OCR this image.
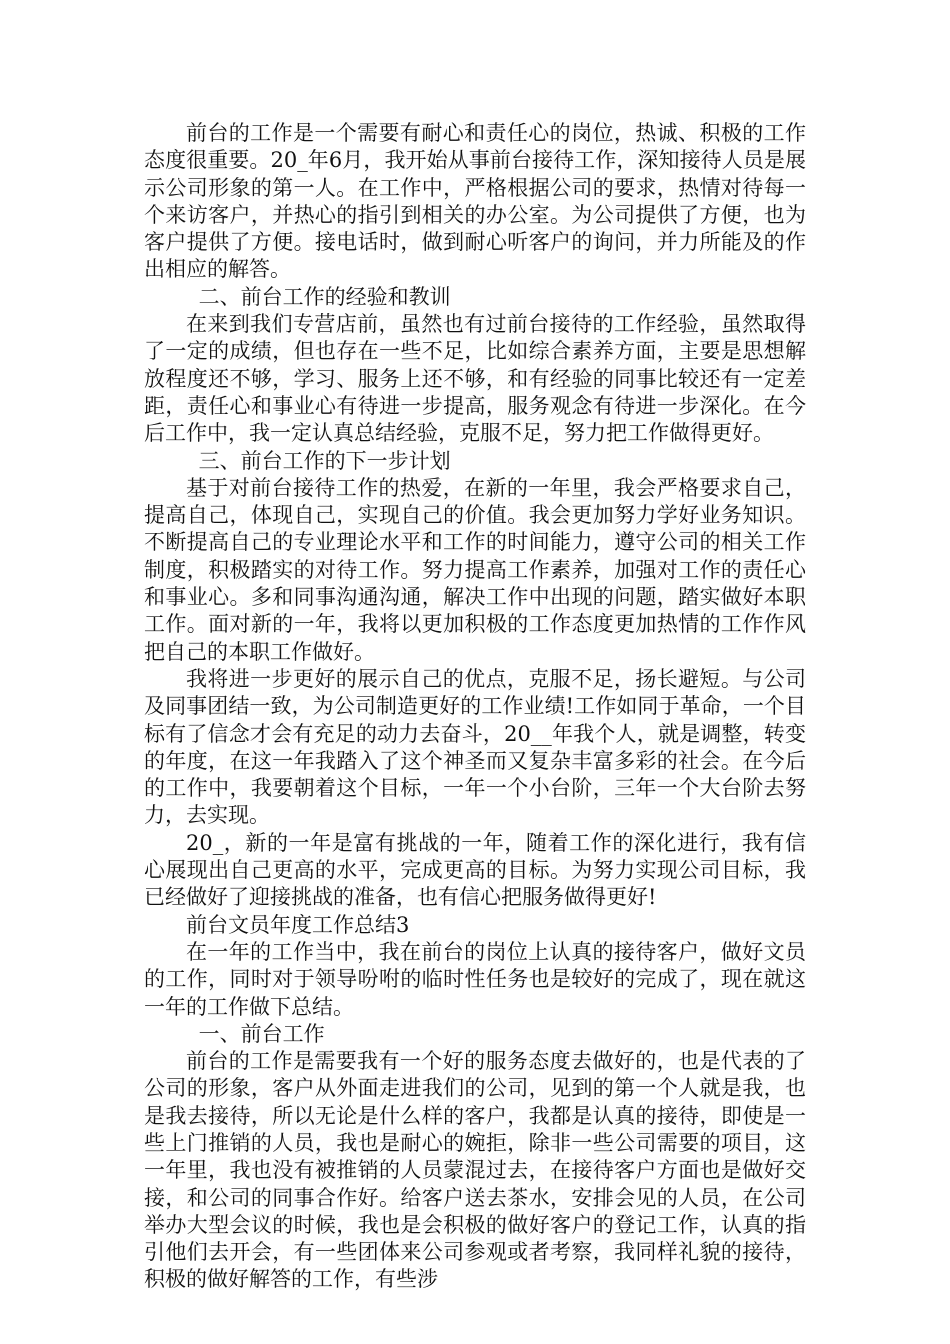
前台的工作是一个需要有耐心和责任心的岗位，热诚、积极的工作态度很重要。20_年6月，我开始从事前台接待工作，深知接待人员是展示公司形象的第一人。在工作中，严格根据公司的要求，热情对待每一个来访客户，并热心的指引到相关的办公室。为公司提供了方便，也为客户提供了方便。接电话时，做到耐心听客户的询问，并力所能及的作出相应的解答。

二、前台工作的经验和教训

在来到我们专营店前，虽然也有过前台接待的工作经验，虽然取得了一定的成绩，但也存在一些不足，比如综合素养方面，主要是思想解放程度还不够，学习、服务上还不够，和有经验的同事比较还有一定差距，责任心和事业心有待进一步提高，服务观念有待进一步深化。在今后工作中，我一定认真总结经验，克服不足，努力把工作做得更好。

三、前台工作的下一步计划

基于对前台接待工作的热爱，在新的一年里，我会严格要求自己，提高自己，体现自己，实现自己的价值。我会更加努力学好业务知识。不断提高自己的专业理论水平和工作的时间能力，遵守公司的相关工作制度，积极踏实的对待工作。努力提高工作素养，加强对工作的责任心和事业心。多和同事沟通沟通，解决工作中出现的问题，踏实做好本职工作。面对新的一年，我将以更加积极的工作态度更加热情的工作作风把自己的本职工作做好。

我将进一步更好的展示自己的优点，克服不足，扬长避短。与公司及同事团结一致，为公司制造更好的工作业绩!工作如同于革命，一个目标有了信念才会有充足的动力去奋斗，20__年我个人，就是调整，转变的年度，在这一年我踏入了这个神圣而又复杂丰富多彩的社会。在今后的工作中，我要朝着这个目标，一年一个小台阶，三年一个大台阶去努力，去实现。

20_，新的一年是富有挑战的一年，随着工作的深化进行，我有信心展现出自己更高的水平，完成更高的目标。为努力实现公司目标，我已经做好了迎接挑战的准备，也有信心把服务做得更好!

前台文员年度工作总结3

在一年的工作当中，我在前台的岗位上认真的接待客户，做好文员的工作，同时对于领导吩咐的临时性任务也是较好的完成了，现在就这一年的工作做下总结。

一、前台工作

前台的工作是需要我有一个好的服务态度去做好的，也是代表的了公司的形象，客户从外面走进我们的公司，见到的第一个人就是我，也是我去接待，所以无论是什么样的客户，我都是认真的接待，即使是一些上门推销的人员，我也是耐心的婉拒，除非一些公司需要的项目，这一年里，我也没有被推销的人员蒙混过去，在接待客户方面也是做好交接，和公司的同事合作好。给客户送去茶水，安排会见的人员，在公司举办大型会议的时候，我也是会积极的做好客户的登记工作，认真的指引他们去开会，有一些团体来公司参观或者考察，我同样礼貌的接待，积极的做好解答的工作，有些涉
